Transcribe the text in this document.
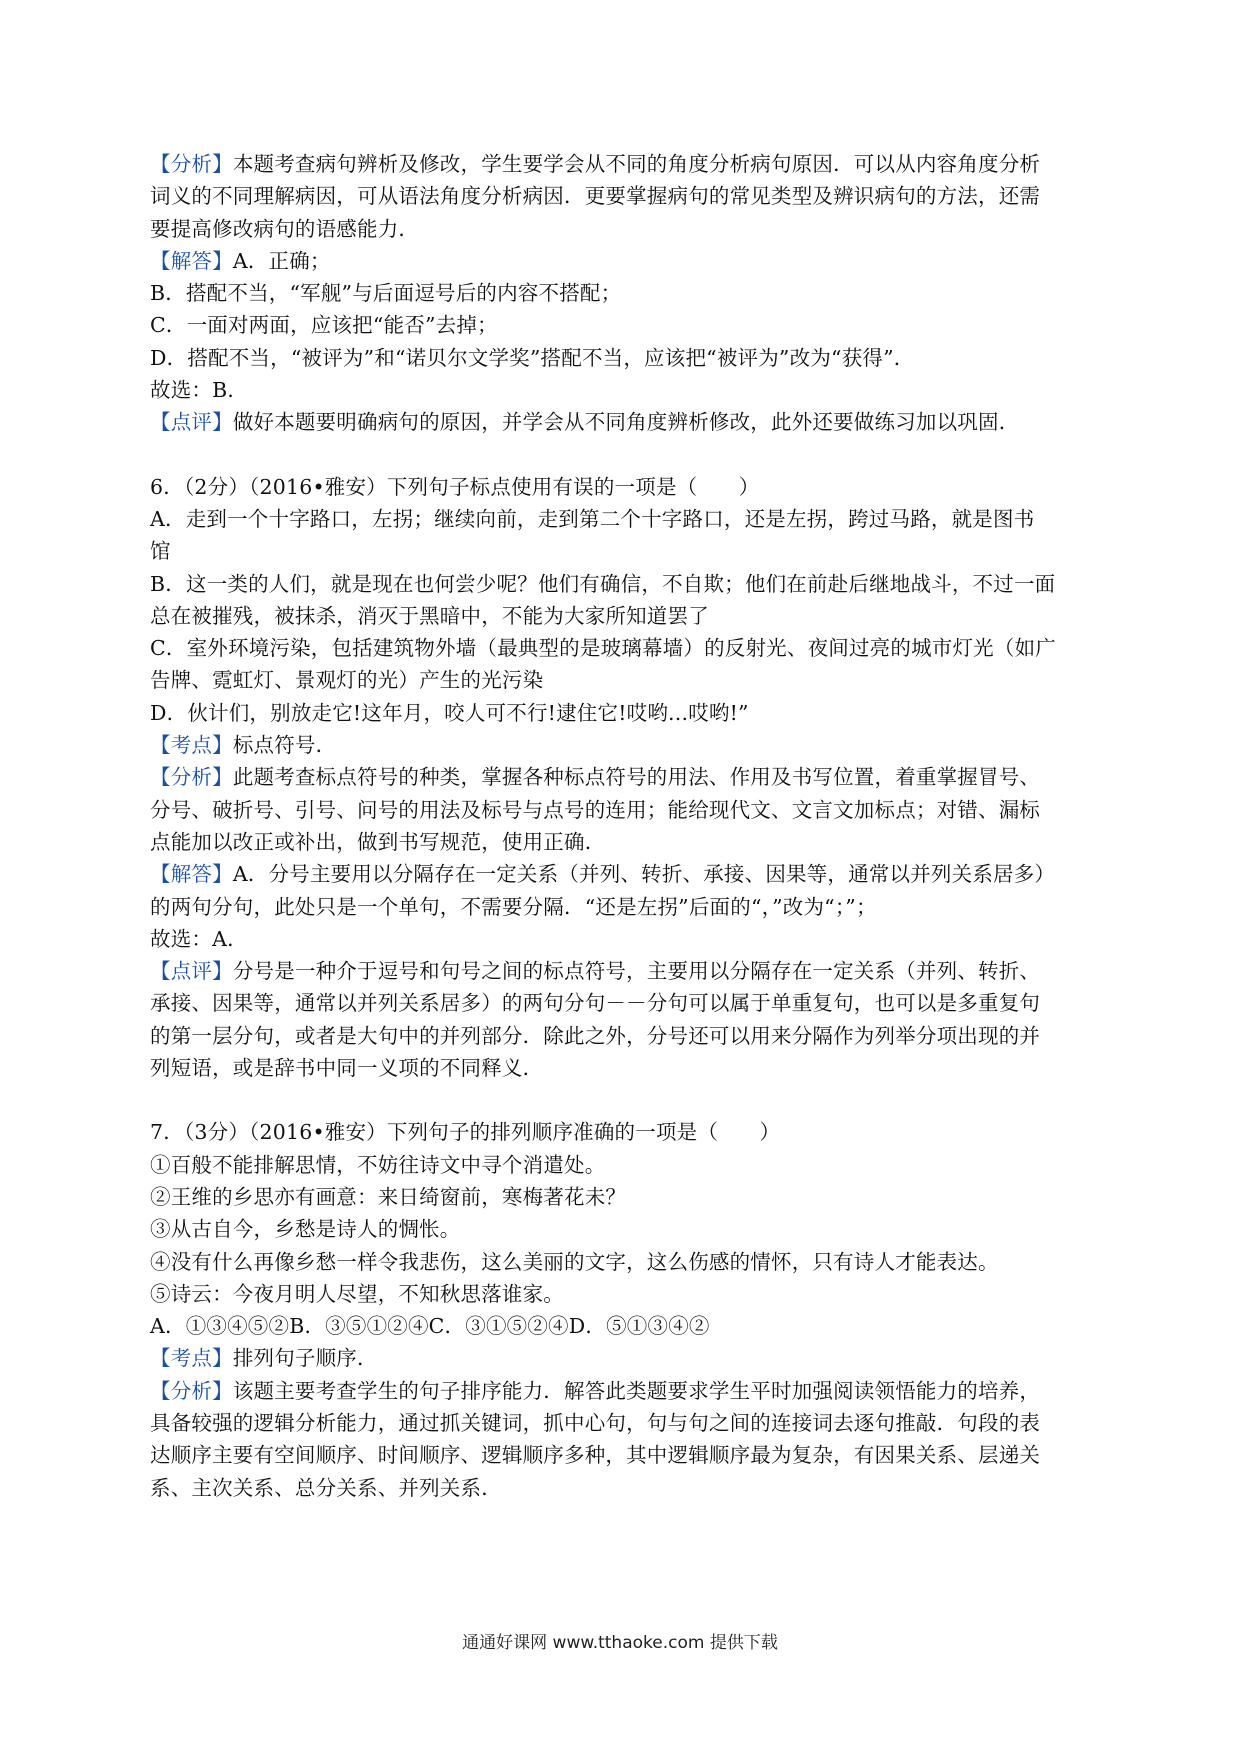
【分析】本题考查病句辨析及修改，学生要学会从不同的角度分析病句原因．可以从内容角度分析
词义的不同理解病因，可从语法角度分析病因．更要掌握病句的常见类型及辨识病句的方法，还需
要提高修改病句的语感能力．
【解答】A．正确；
B．搭配不当，“军舰”与后面逗号后的内容不搭配；
C．一面对两面，应该把“能否”去掉；
D．搭配不当，“被评为”和“诺贝尔文学奖”搭配不当，应该把“被评为”改为“获得”．
故选：B．
【点评】做好本题要明确病句的原因，并学会从不同角度辨析修改，此外还要做练习加以巩固．
6．（2分）（2016•雅安）下列句子标点使用有误的一项是（　　）
A．走到一个十字路口，左拐；继续向前，走到第二个十字路口，还是左拐，跨过马路，就是图书
馆
B．这一类的人们，就是现在也何尝少呢？他们有确信，不自欺；他们在前赴后继地战斗，不过一面
总在被摧残，被抹杀，消灭于黑暗中，不能为大家所知道罢了
C．室外环境污染，包括建筑物外墙（最典型的是玻璃幕墙）的反射光、夜间过亮的城市灯光（如广
告牌、霓虹灯、景观灯的光）产生的光污染
D．伙计们，别放走它!这年月，咬人可不行!逮住它!哎哟...哎哟!”
【考点】标点符号．
【分析】此题考查标点符号的种类，掌握各种标点符号的用法、作用及书写位置，着重掌握冒号、
分号、破折号、引号、问号的用法及标号与点号的连用；能给现代文、文言文加标点；对错、漏标
点能加以改正或补出，做到书写规范，使用正确．
【解答】A．分号主要用以分隔存在一定关系（并列、转折、承接、因果等，通常以并列关系居多）
的两句分句，此处只是一个单句，不需要分隔．“还是左拐”后面的“，”改为“；”；
故选：A．
【点评】分号是一种介于逗号和句号之间的标点符号，主要用以分隔存在一定关系（并列、转折、
承接、因果等，通常以并列关系居多）的两句分句－－分句可以属于单重复句，也可以是多重复句
的第一层分句，或者是大句中的并列部分．除此之外，分号还可以用来分隔作为列举分项出现的并
列短语，或是辞书中同一义项的不同释义．
7．（3分）（2016•雅安）下列句子的排列顺序准确的一项是（　　）
①百般不能排解思情，不妨往诗文中寻个消遣处。
②王维的乡思亦有画意：来日绮窗前，寒梅著花未？
③从古自今，乡愁是诗人的惆怅。
④没有什么再像乡愁一样令我悲伤，这么美丽的文字，这么伤感的情怀，只有诗人才能表达。
⑤诗云：今夜月明人尽望，不知秋思落谁家。
A．①③④⑤②B．③⑤①②④C．③①⑤②④D．⑤①③④②
【考点】排列句子顺序．
【分析】该题主要考查学生的句子排序能力．解答此类题要求学生平时加强阅读领悟能力的培养，
具备较强的逻辑分析能力，通过抓关键词，抓中心句，句与句之间的连接词去逐句推敲．句段的表
达顺序主要有空间顺序、时间顺序、逻辑顺序多种，其中逻辑顺序最为复杂，有因果关系、层递关
系、主次关系、总分关系、并列关系．
通通好课网 www.tthaoke.com 提供下载
